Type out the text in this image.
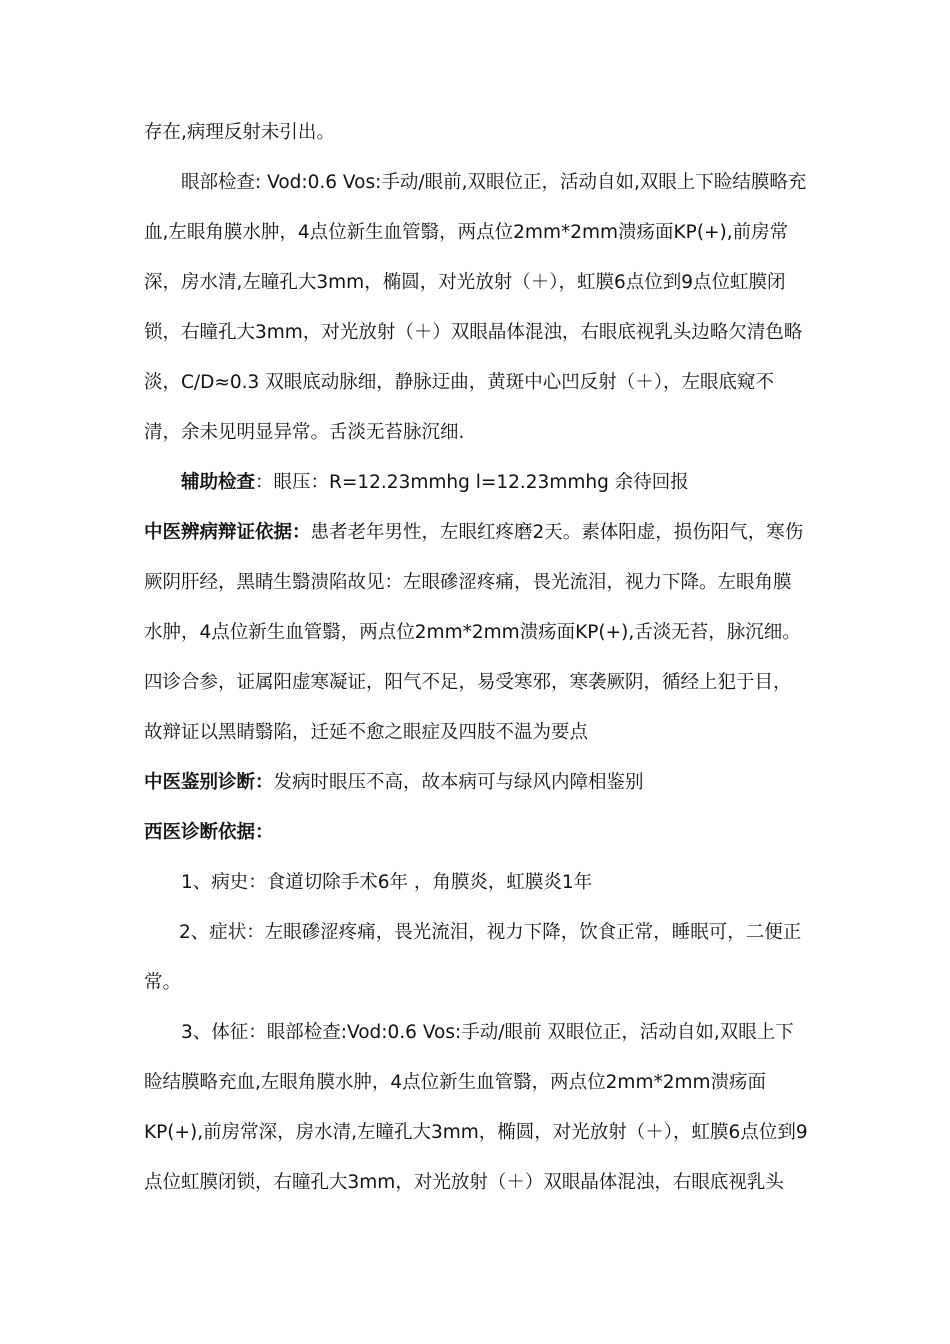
存在,病理反射未引出。

眼部检查: Vod:0.6 Vos:手动/眼前,双眼位正，活动自如,双眼上下睑结膜略充血,左眼角膜水肿，4点位新生血管翳，两点位2mm*2mm溃疡面KP(+),前房常深，房水清,左瞳孔大3mm，椭圆，对光放射（＋），虹膜6点位到9点位虹膜闭锁，右瞳孔大3mm，对光放射（＋）双眼晶体混浊，右眼底视乳头边略欠清色略淡，C/D≈0.3 双眼底动脉细，静脉迂曲，黄斑中心凹反射（＋），左眼底窥不清，余未见明显异常。舌淡无苔脉沉细.

辅助检查：眼压：R=12.23mmhg l=12.23mmhg 余待回报

中医辨病辩证依据：患者老年男性，左眼红疼磨2天。素体阳虚，损伤阳气，寒伤厥阴肝经，黑睛生翳溃陷故见：左眼磣涩疼痛，畏光流泪，视力下降。左眼角膜水肿，4点位新生血管翳，两点位2mm*2mm溃疡面KP(+),舌淡无苔，脉沉细。四诊合参，证属阳虚寒凝证，阳气不足，易受寒邪，寒袭厥阴，循经上犯于目，故辩证以黑睛翳陷，迁延不愈之眼症及四肢不温为要点

中医鉴别诊断：发病时眼压不高，故本病可与绿风内障相鉴别

西医诊断依据：

1、病史：食道切除手术6年 ，角膜炎，虹膜炎1年

2、症状：左眼磣涩疼痛，畏光流泪，视力下降，饮食正常，睡眠可，二便正常。

3、体征：眼部检查:Vod:0.6 Vos:手动/眼前 双眼位正，活动自如,双眼上下睑结膜略充血,左眼角膜水肿，4点位新生血管翳，两点位2mm*2mm溃疡面KP(+),前房常深，房水清,左瞳孔大3mm，椭圆，对光放射（＋），虹膜6点位到9点位虹膜闭锁，右瞳孔大3mm，对光放射（＋）双眼晶体混浊，右眼底视乳头
